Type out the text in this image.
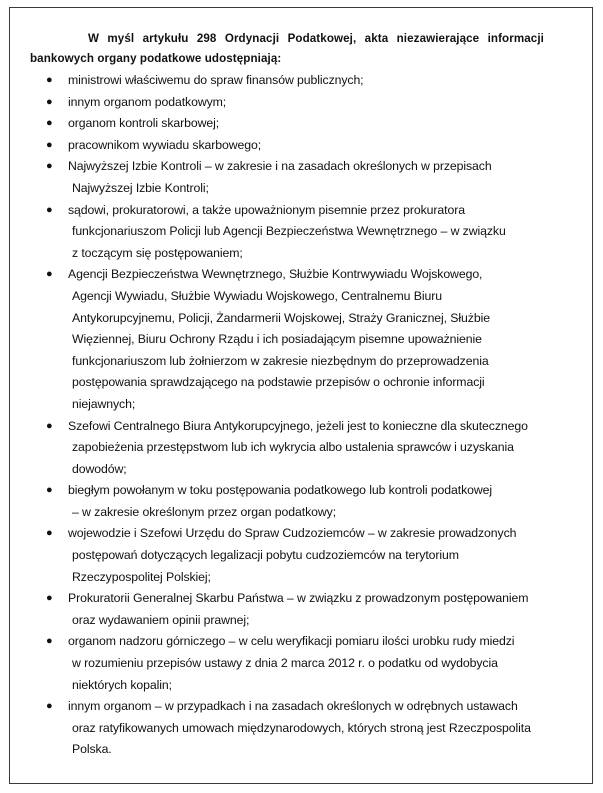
W myśl artykułu 298 Ordynacji Podatkowej, akta niezawierające informacji bankowych organy podatkowe udostępniają:

● ministrowi właściwemu do spraw finansów publicznych;
● innym organom podatkowym;
● organom kontroli skarbowej;
● pracownikom wywiadu skarbowego;
● Najwyższej Izbie Kontroli – w zakresie i na zasadach określonych w przepisach
Najwyższej Izbie Kontroli;
● sądowi, prokuratorowi, a także upoważnionym pisemnie przez prokuratora
funkcjonariuszom Policji lub Agencji Bezpieczeństwa Wewnętrznego – w związku
z toczącym się postępowaniem;
● Agencji Bezpieczeństwa Wewnętrznego, Służbie Kontrwywiadu Wojskowego,
Agencji Wywiadu, Służbie Wywiadu Wojskowego, Centralnemu Biuru
Antykorupcyjnemu, Policji, Żandarmerii Wojskowej, Straży Granicznej, Służbie
Więziennej, Biuru Ochrony Rządu i ich posiadającym pisemne upoważnienie
funkcjonariuszom lub żołnierzom w zakresie niezbędnym do przeprowadzenia
postępowania sprawdzającego na podstawie przepisów o ochronie informacji
niejawnych;
● Szefowi Centralnego Biura Antykorupcyjnego, jeżeli jest to konieczne dla skutecznego
zapobieżenia przestępstwom lub ich wykrycia albo ustalenia sprawców i uzyskania
dowodów;
● biegłym powołanym w toku postępowania podatkowego lub kontroli podatkowej
– w zakresie określonym przez organ podatkowy;
● wojewodzie i Szefowi Urzędu do Spraw Cudzoziemców – w zakresie prowadzonych
postępowań dotyczących legalizacji pobytu cudzoziemców na terytorium
Rzeczypospolitej Polskiej;
● Prokuratorii Generalnej Skarbu Państwa – w związku z prowadzonym postępowaniem
oraz wydawaniem opinii prawnej;
● organom nadzoru górniczego – w celu weryfikacji pomiaru ilości urobku rudy miedzi
w rozumieniu przepisów ustawy z dnia 2 marca 2012 r. o podatku od wydobycia
niektórych kopalin;
● innym organom – w przypadkach i na zasadach określonych w odrębnych ustawach
oraz ratyfikowanych umowach międzynarodowych, których stroną jest Rzeczpospolita
Polska.
